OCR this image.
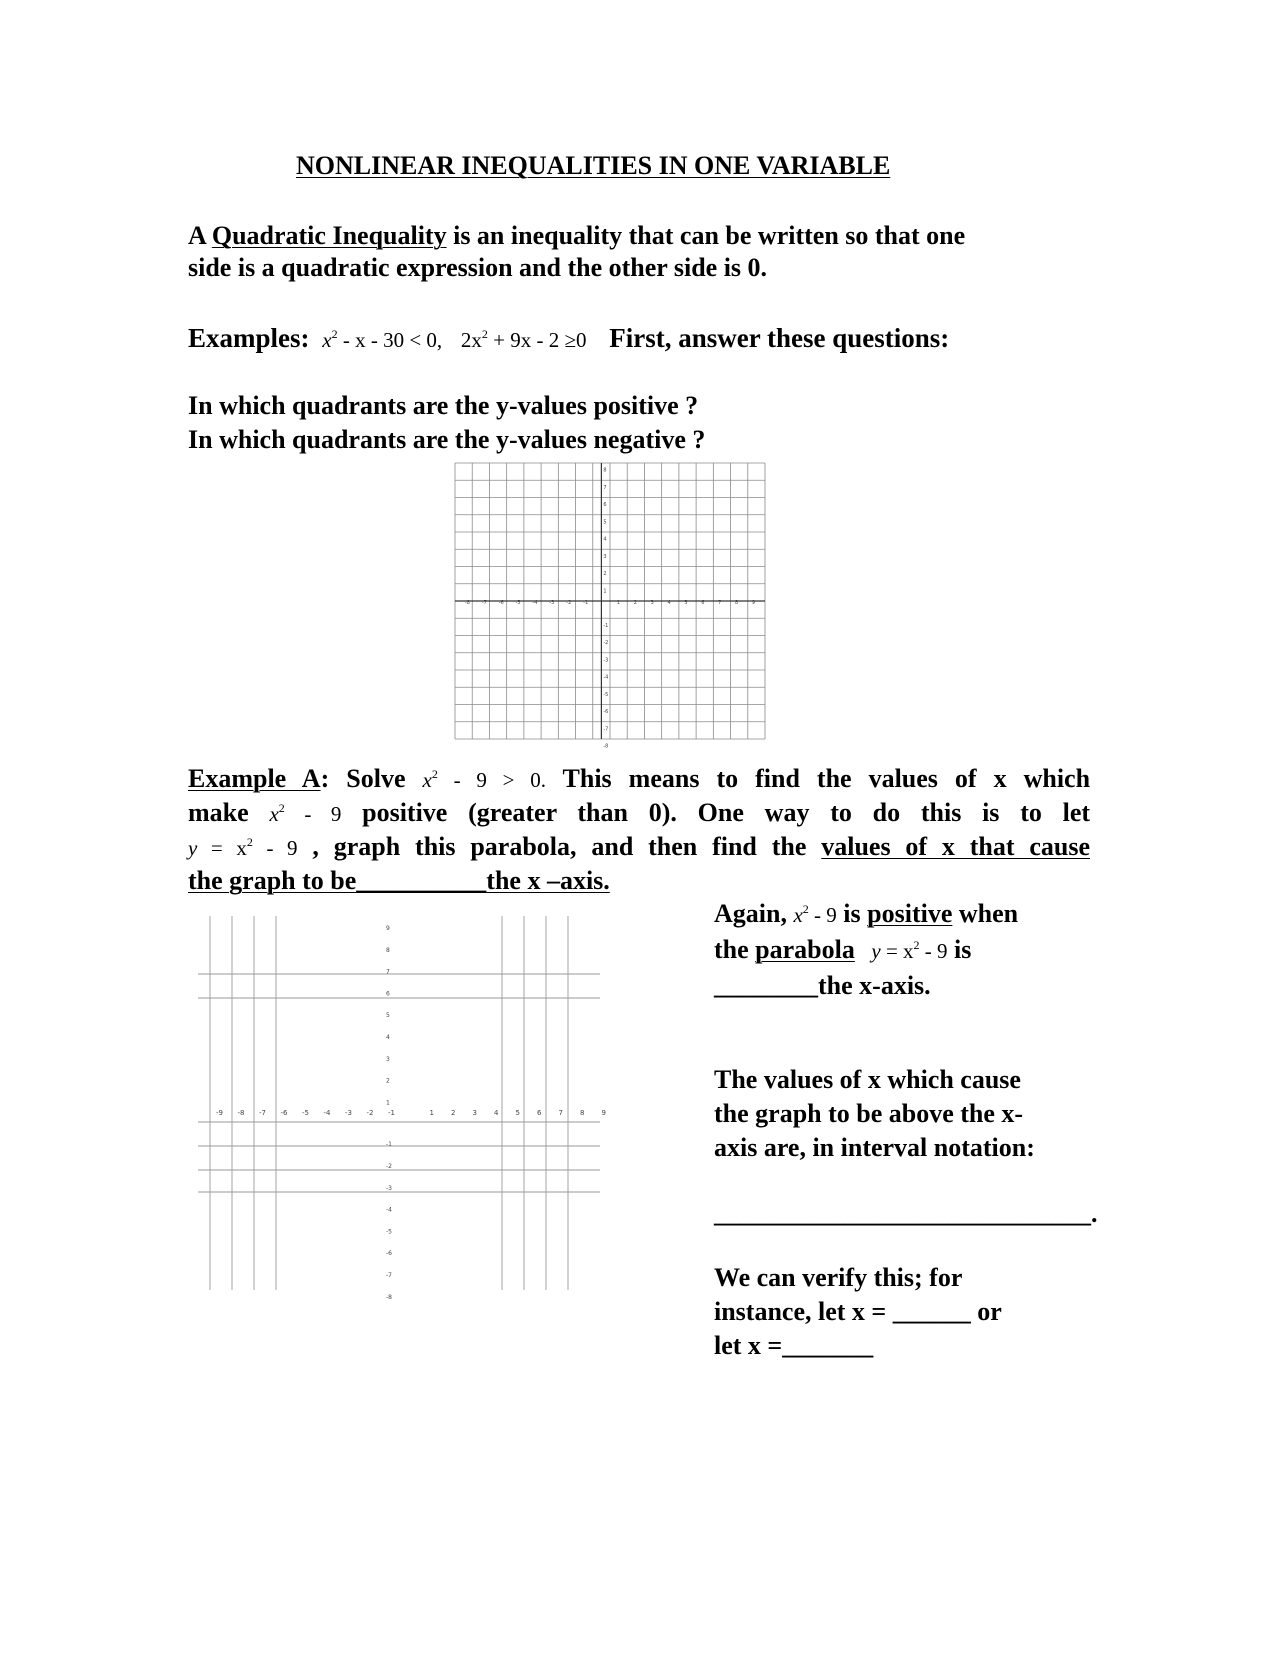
NONLINEAR INEQUALITIES IN ONE VARIABLE
A Quadratic Inequality is an inequality that can be written so that one
side is a quadratic expression and the other side is 0.
Examples: $x^2 - x - 30 < 0$, $2x^2 + 9x - 2 \ge 0$ First, answer these questions:
In which quadrants are the y-values positive ?
In which quadrants are the y-values negative ?
-8 -7 -6 -5 -4 -3 -2 -1	1	2	3	4	5	6	7	8	9
8
7
6
5
4
3
2
1
-1
-2
-3
-4
-5
-6
-7
-8
Example A: Solve $x^2 - 9 > 0$. This means to find the values of x which
make $x^2 - 9$ positive (greater than 0). One way to do this is to let
$y = x^2 - 9$ , graph this parabola, and then find the values of x that cause
the graph to be__________the x –axis.
-9 -8 -7 -6 -5 -4 -3 -2 -1	1 2 3 4 5 6 7 8 9
9
8
7
6
5
4
3
2
1
-1
-2
-3
-4
-5
-6
-7
-8
Again, $x^2 - 9$ is positive when
the parabola $y = x^2 - 9$ is
________the x-axis.
The values of x which cause
the graph to be above the x-
axis are, in interval notation:
_____________________________.
We can verify this; for
instance, let x = ______ or
let x =_______
